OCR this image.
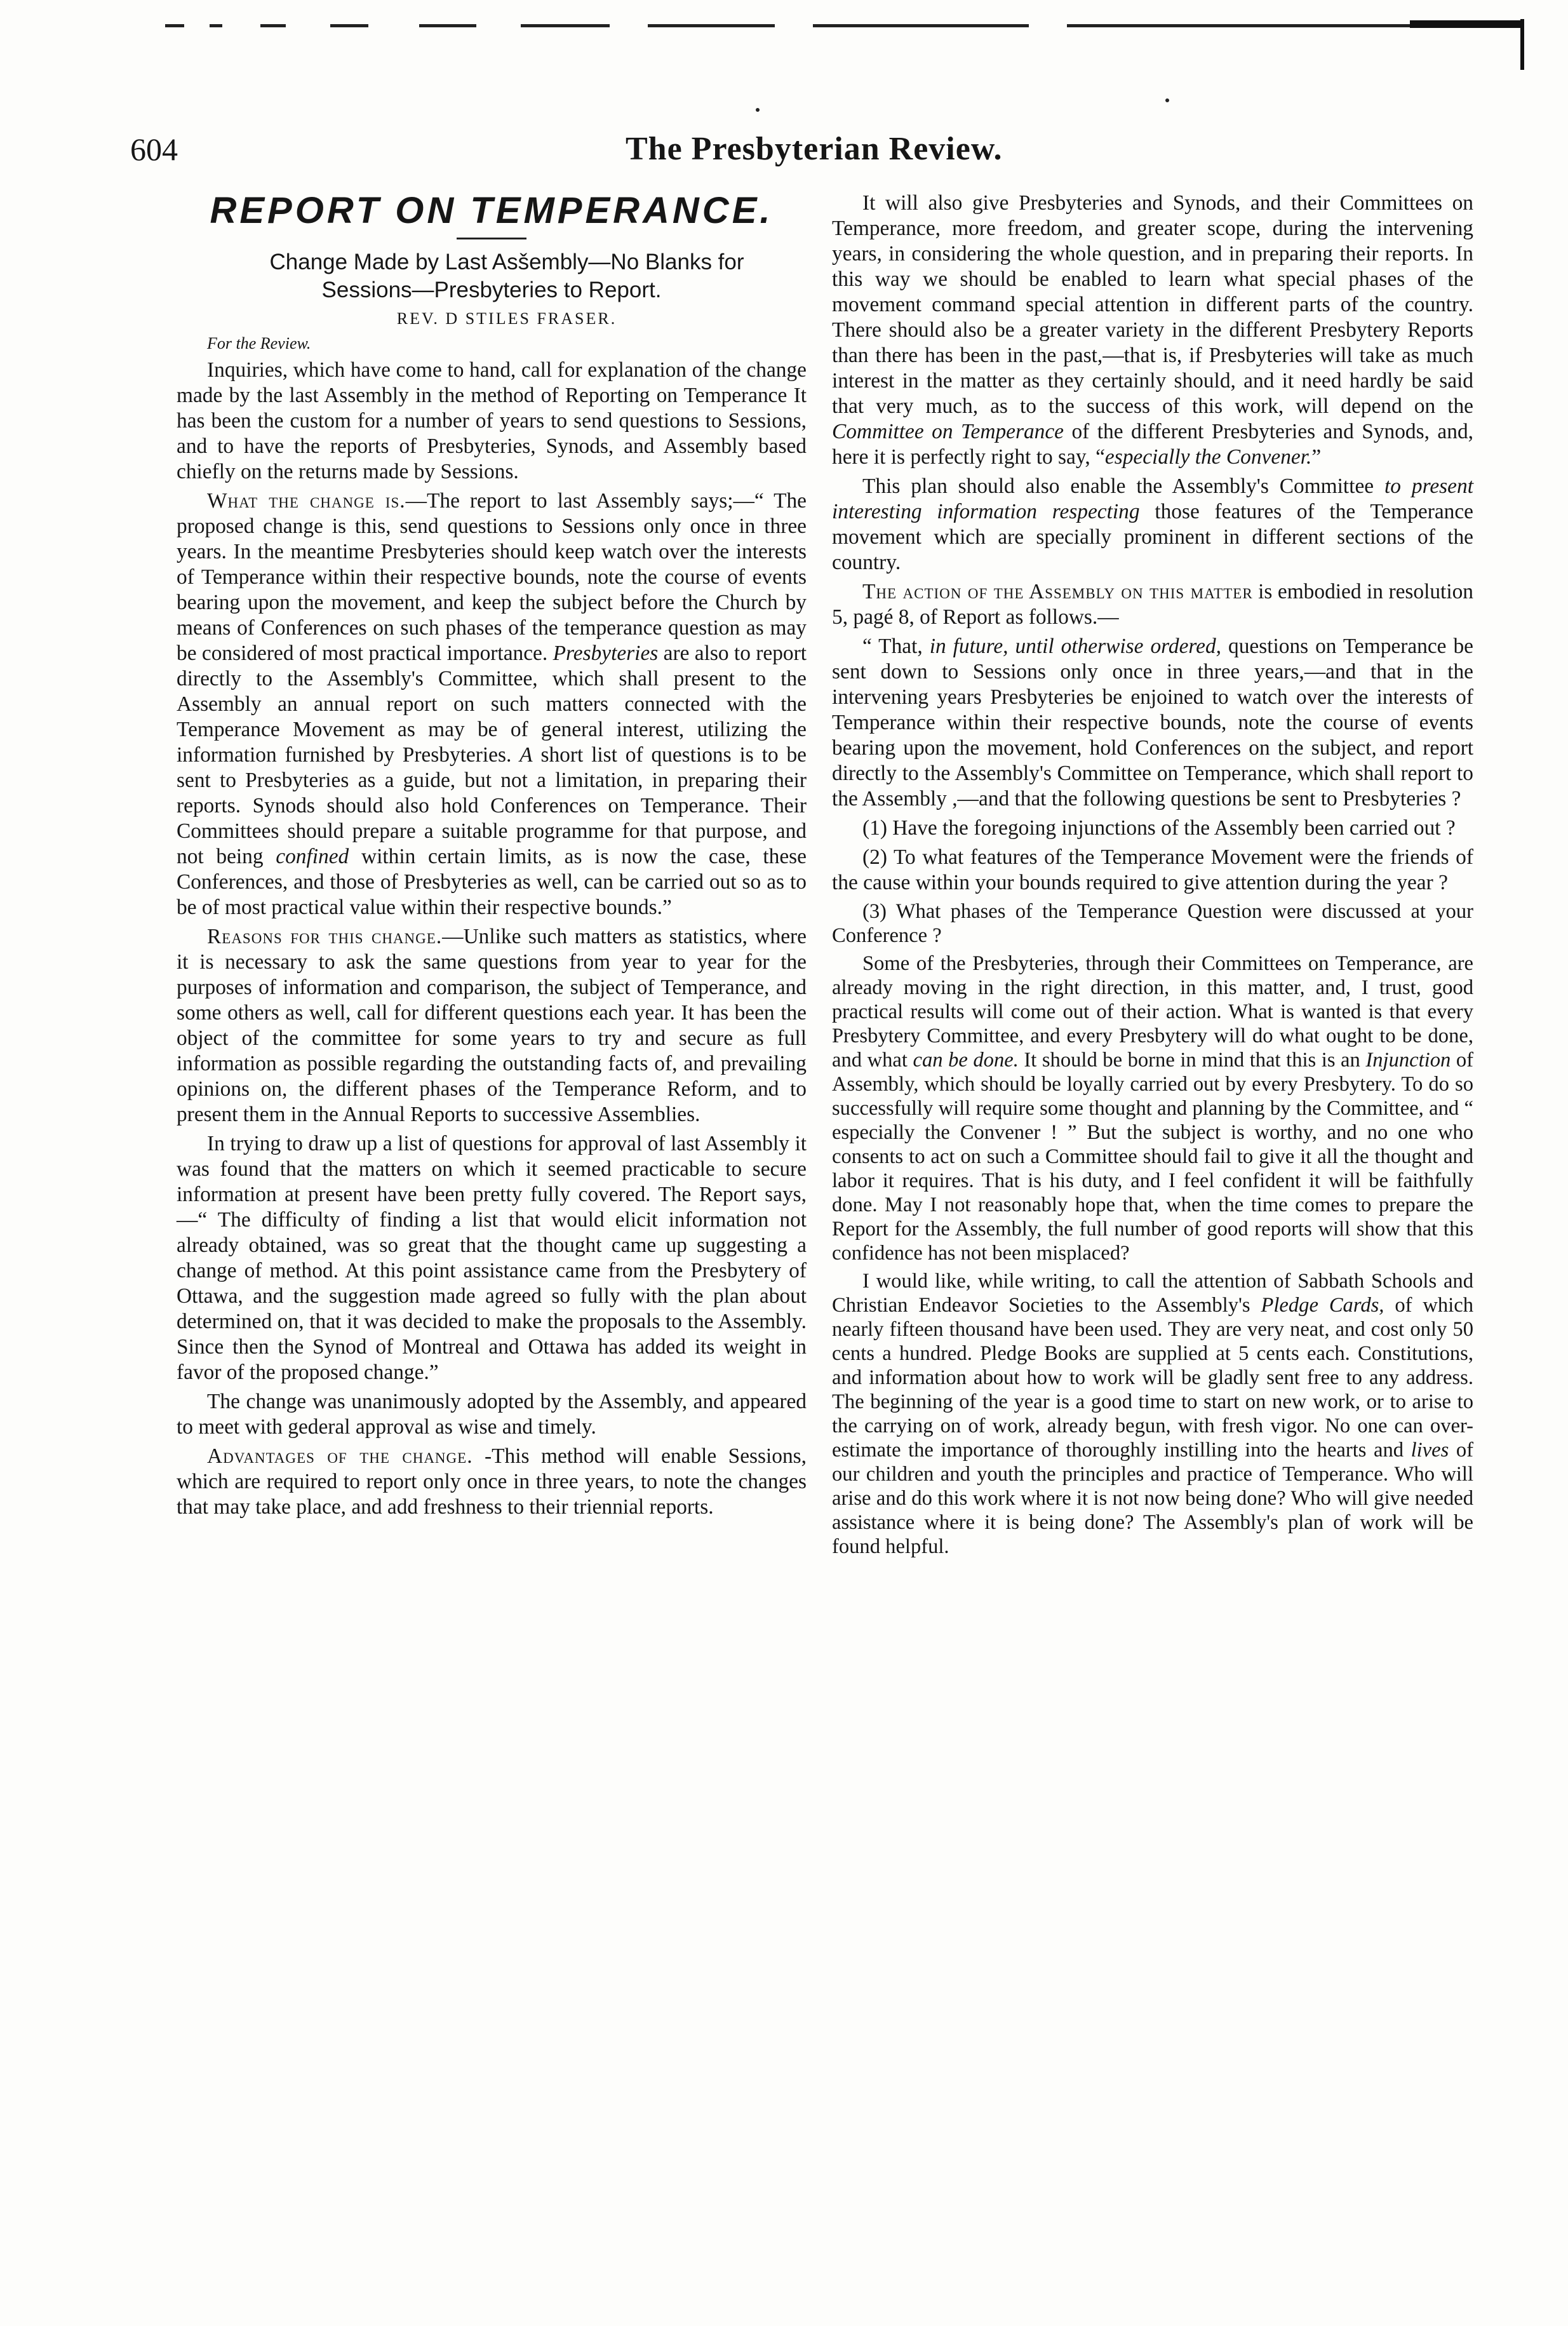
604	The Presbyterian Review.
REPORT ON TEMPERANCE.

Change Made by Last Asšembly—No Blanks for
Sessions—Presbyteries to Report.

REV. D STILES FRASER.

For the Review.

Inquiries, which have come to hand, call for explanation of the change made by the last Assembly in the method of Reporting on Temperance It has been the custom for a number of years to send questions to Sessions, and to have the reports of Presbyteries, Synods, and Assembly based chiefly on the returns made by Sessions.

What the change is.—The report to last Assembly says;—“ The proposed change is this, send questions to Sessions only once in three years. In the meantime Presbyteries should keep watch over the interests of Temperance within their respective bounds, note the course of events bearing upon the movement, and keep the subject before the Church by means of Conferences on such phases of the temperance question as may be considered of most practical importance. Presbyteries are also to report directly to the Assembly's Committee, which shall present to the Assembly an annual report on such matters connected with the Temperance Movement as may be of general interest, utilizing the information furnished by Presbyteries. A short list of questions is to be sent to Presbyteries as a guide, but not a limitation, in preparing their reports. Synods should also hold Conferences on Temperance. Their Committees should prepare a suitable programme for that purpose, and not being confined within certain limits, as is now the case, these Conferences, and those of Presbyteries as well, can be carried out so as to be of most practical value within their respective bounds.”

Reasons for this change.—Unlike such matters as statistics, where it is necessary to ask the same questions from year to year for the purposes of information and comparison, the subject of Temperance, and some others as well, call for different questions each year. It has been the object of the committee for some years to try and secure as full information as possible regarding the outstanding facts of, and prevailing opinions on, the different phases of the Temperance Reform, and to present them in the Annual Reports to successive Assemblies.

In trying to draw up a list of questions for approval of last Assembly it was found that the matters on which it seemed practicable to secure information at present have been pretty fully covered. The Report says,—“ The difficulty of finding a list that would elicit information not already obtained, was so great that the thought came up suggesting a change of method. At this point assistance came from the Presbytery of Ottawa, and the suggestion made agreed so fully with the plan about determined on, that it was decided to make the proposals to the Assembly. Since then the Synod of Montreal and Ottawa has added its weight in favor of the proposed change.”

The change was unanimously adopted by the Assembly, and appeared to meet with gederal approval as wise and timely.

Advantages of the change. -This method will enable Sessions, which are required to report only once in three years, to note the changes that may take place, and add freshness to their triennial reports.

It will also give Presbyteries and Synods, and their Committees on Temperance, more freedom, and greater scope, during the intervening years, in considering the whole question, and in preparing their reports. In this way we should be enabled to learn what special phases of the movement command special attention in different parts of the country. There should also be a greater variety in the different Presbytery Reports than there has been in the past,—that is, if Presbyteries will take as much interest in the matter as they certainly should, and it need hardly be said that very much, as to the success of this work, will depend on the Committee on Temperance of the different Presbyteries and Synods, and, here it is perfectly right to say, “especially the Convener.”

This plan should also enable the Assembly's Committee to present interesting information respecting those features of the Temperance movement which are specially prominent in different sections of the country.

The action of the Assembly on this matter is embodied in resolution 5, pagé 8, of Report as follows.—

“ That, in future, until otherwise ordered, questions on Temperance be sent down to Sessions only once in three years,—and that in the intervening years Presbyteries be enjoined to watch over the interests of Temperance within their respective bounds, note the course of events bearing upon the movement, hold Conferences on the subject, and report directly to the Assembly's Committee on Temperance, which shall report to the Assembly ,—and that the following questions be sent to Presbyteries ?

(1) Have the foregoing injunctions of the Assembly been carried out ?

(2) To what features of the Temperance Movement were the friends of the cause within your bounds required to give attention during the year ?

(3) What phases of the Temperance Question were discussed at your Conference ?

Some of the Presbyteries, through their Committees on Temperance, are already moving in the right direction, in this matter, and, I trust, good practical results will come out of their action. What is wanted is that every Presbytery Committee, and every Presbytery will do what ought to be done, and what can be done. It should be borne in mind that this is an Injunction of Assembly, which should be loyally carried out by every Presbytery. To do so successfully will require some thought and planning by the Committee, and “ especially the Convener ! ” But the subject is worthy, and no one who consents to act on such a Committee should fail to give it all the thought and labor it requires. That is his duty, and I feel confident it will be faithfully done. May I not reasonably hope that, when the time comes to prepare the Report for the Assembly, the full number of good reports will show that this confidence has not been misplaced?

I would like, while writing, to call the attention of Sabbath Schools and Christian Endeavor Societies to the Assembly's Pledge Cards, of which nearly fifteen thousand have been used. They are very neat, and cost only 50 cents a hundred. Pledge Books are supplied at 5 cents each. Constitutions, and information about how to work will be gladly sent free to any address. The beginning of the year is a good time to start on new work, or to arise to the carrying on of work, already begun, with fresh vigor. No one can over-estimate the importance of thoroughly instilling into the hearts and lives of our children and youth the principles and practice of Temperance. Who will arise and do this work where it is not now being done? Who will give needed assistance where it is being done? The Assembly's plan of work will be found helpful.
